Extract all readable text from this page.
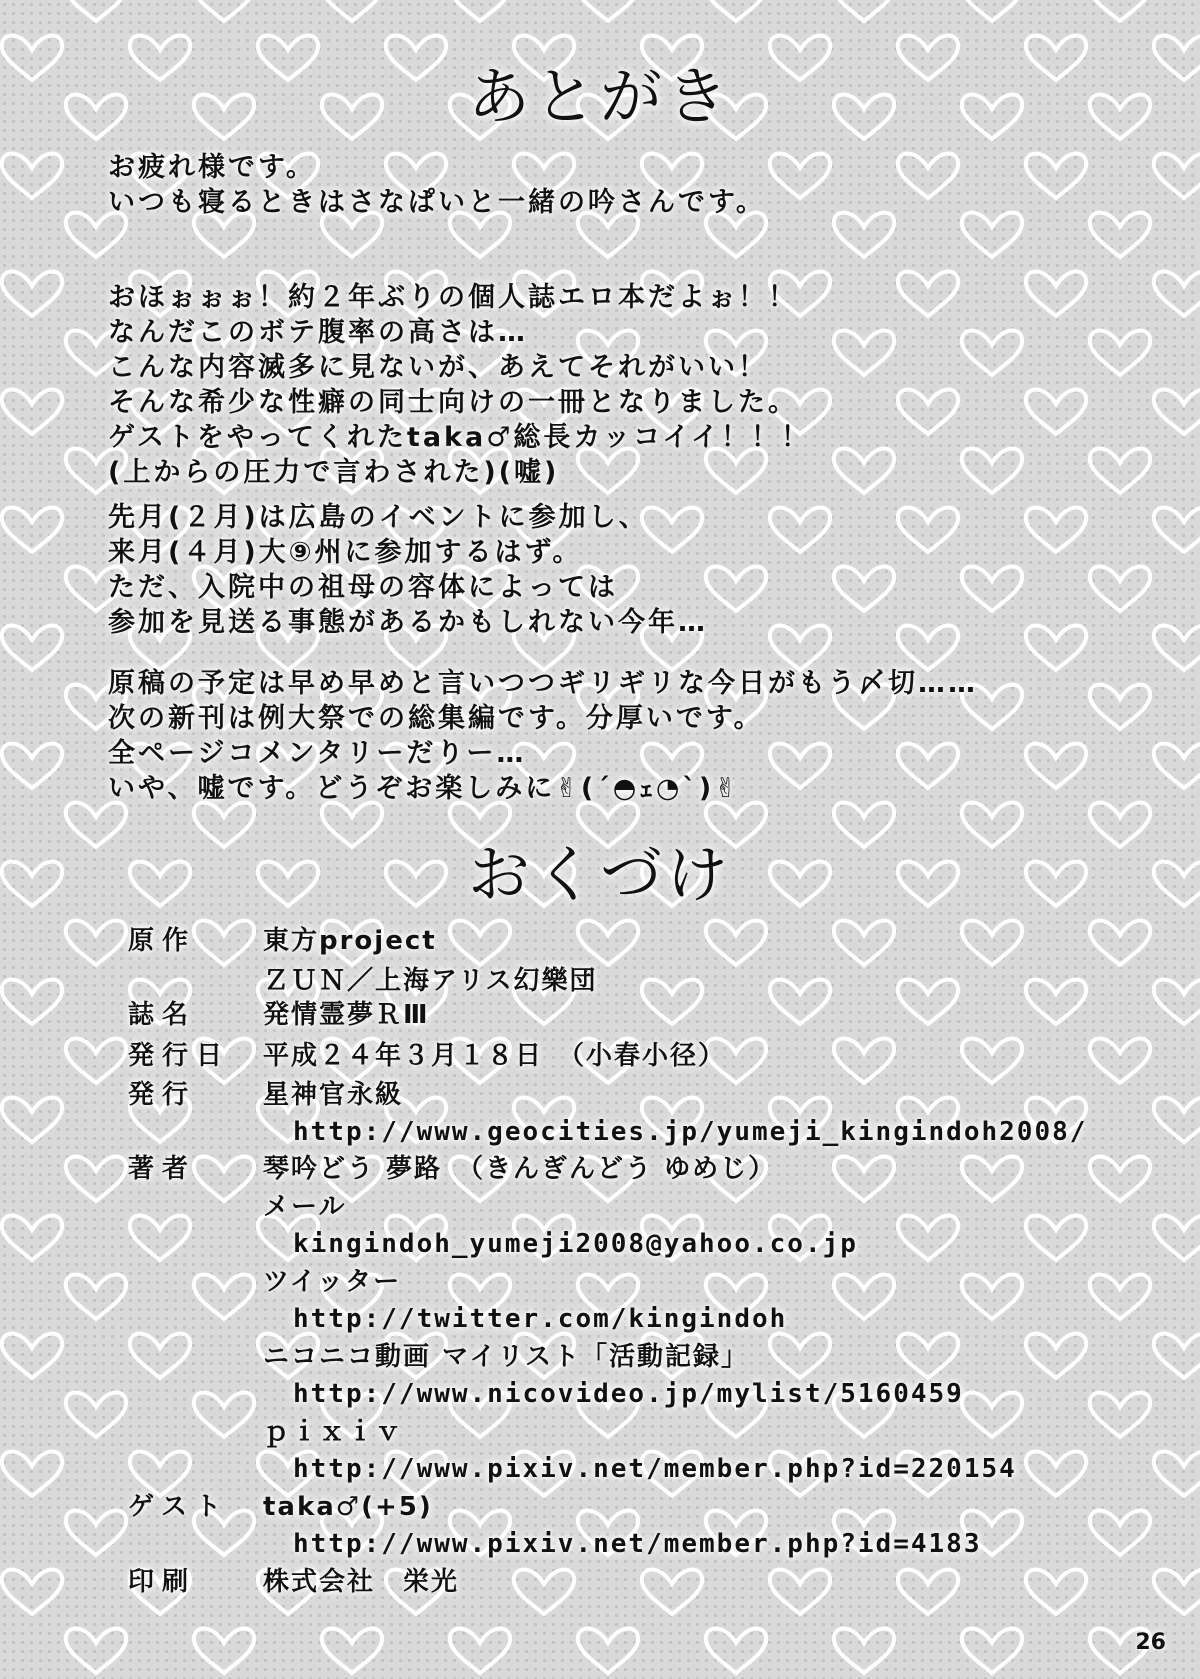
あとがき
お疲れ様です。
いつも寝るときはさなぱいと一緒の吟さんです。
おほぉぉぉ！約２年ぶりの個人誌エロ本だよぉ！！
なんだこのボテ腹率の高さは…
こんな内容滅多に見ないが、あえてそれがいい！
そんな希少な性癖の同士向けの一冊となりました。
ゲストをやってくれたtaka♂総長カッコイイ！！！
(上からの圧力で言わされた)(嘘)
先月(２月)は広島のイベントに参加し、
来月(４月)大⑨州に参加するはず。
ただ、入院中の祖母の容体によっては
参加を見送る事態があるかもしれない今年…
原稿の予定は早め早めと言いつつギリギリな今日がもう〆切……
次の新刊は例大祭での総集編です。分厚いです。
全ページコメンタリーだりー…
いや、嘘です。どうぞお楽しみに✌(´◓ｪ◔`)✌
おくづけ
原作	東方project
ＺＵＮ／上海アリス幻樂団
誌名	発情霊夢ＲⅢ
発行日 平成２４年３月１８日　（小春小径）
発行	星神官永級
http://www.geocities.jp/yumeji_kingindoh2008/
著者	琴吟どう 夢路　（きんぎんどう ゆめじ）
メール
kingindoh_yumeji2008@yahoo.co.jp
ツイッター
http://twitter.com/kingindoh
ニコニコ動画 マイリスト「活動記録」
http://www.nicovideo.jp/mylist/5160459
ｐｉｘｉｖ
http://www.pixiv.net/member.php?id=220154
ゲスト taka♂(+5)
http://www.pixiv.net/member.php?id=4183
印刷	株式会社　栄光
26
